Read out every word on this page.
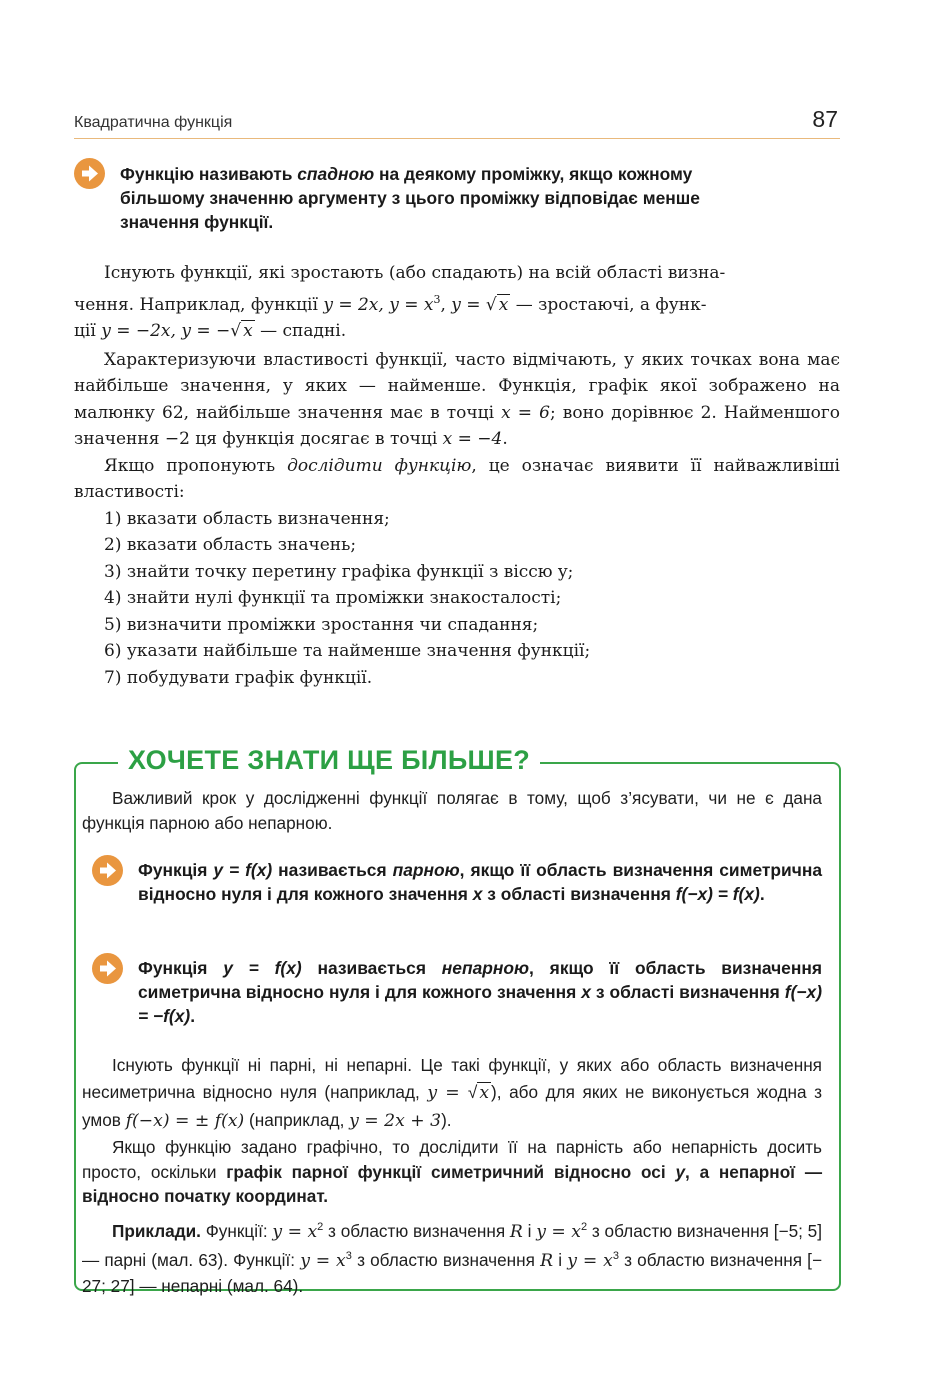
Квадратична функція	87
Функцію називають спадною на деякому проміжку, якщо кожному
більшому значенню аргументу з цього проміжку відповідає менше
значення функції.

Існують функції, які зростають (або спадають) на всій області визна-
чення. Наприклад, функції y = 2x, $y = x^3$, y = √ x — зростаючі, а функ-
ції y = −2x, y = −√ x — спадні.

Характеризуючи властивості функції, часто відмічають, у яких точках вона має найбільше значення, у яких — найменше. Функція, графік якої зображено на малюнку 62, найбільше значення має в точці x = 6; воно дорівнює 2. Найменшого значення −2 ця функція досягає в точці x = −4.

Якщо пропонують дослідити функцію, це означає виявити її найважливіші властивості:

1) вказати область визначення;
2) вказати область значень;
3) знайти точку перетину графіка функції з віссю y;
4) знайти нулі функції та проміжки знакосталості;
5) визначити проміжки зростання чи спадання;
6) указати найбільше та найменше значення функції;
7) побудувати графік функції.
ХОЧЕТЕ ЗНАТИ ЩЕ БІЛЬШЕ?

Важливий крок у дослідженні функції полягає в тому, щоб з’ясувати, чи не є дана функція парною або непарною.

Функція y = f(x) називається парною, якщо її область визначення симетрична відносно нуля і для кожного значення x з області визначення f(−x) = f(x).
Функція y = f(x) називається непарною, якщо її область визначення симетрична відносно нуля і для кожного значення x з області визначення f(−x) = −f(x).

Існують функції ні парні, ні непарні. Це такі функції, у яких або область визначення несиметрична відносно нуля (наприклад, y = √ x ), або для яких не виконується жодна з умов f(−x) = ± f(x) (наприклад, y = 2x + 3).

Якщо функцію задано графічно, то дослідити її на парність або непарність досить просто, оскільки графік парної функції симетричний відносно осі y, а непарної — відносно початку координат.

Приклади. Функції: $y = x^2$ з областю визначення R і $y = x^2$ з областю визначення [−5; 5] — парні (мал. 63). Функції: $y = x^3$ з областю визначення R і $y = x^3$ з областю визначення [− 27; 27] — непарні (мал. 64).
